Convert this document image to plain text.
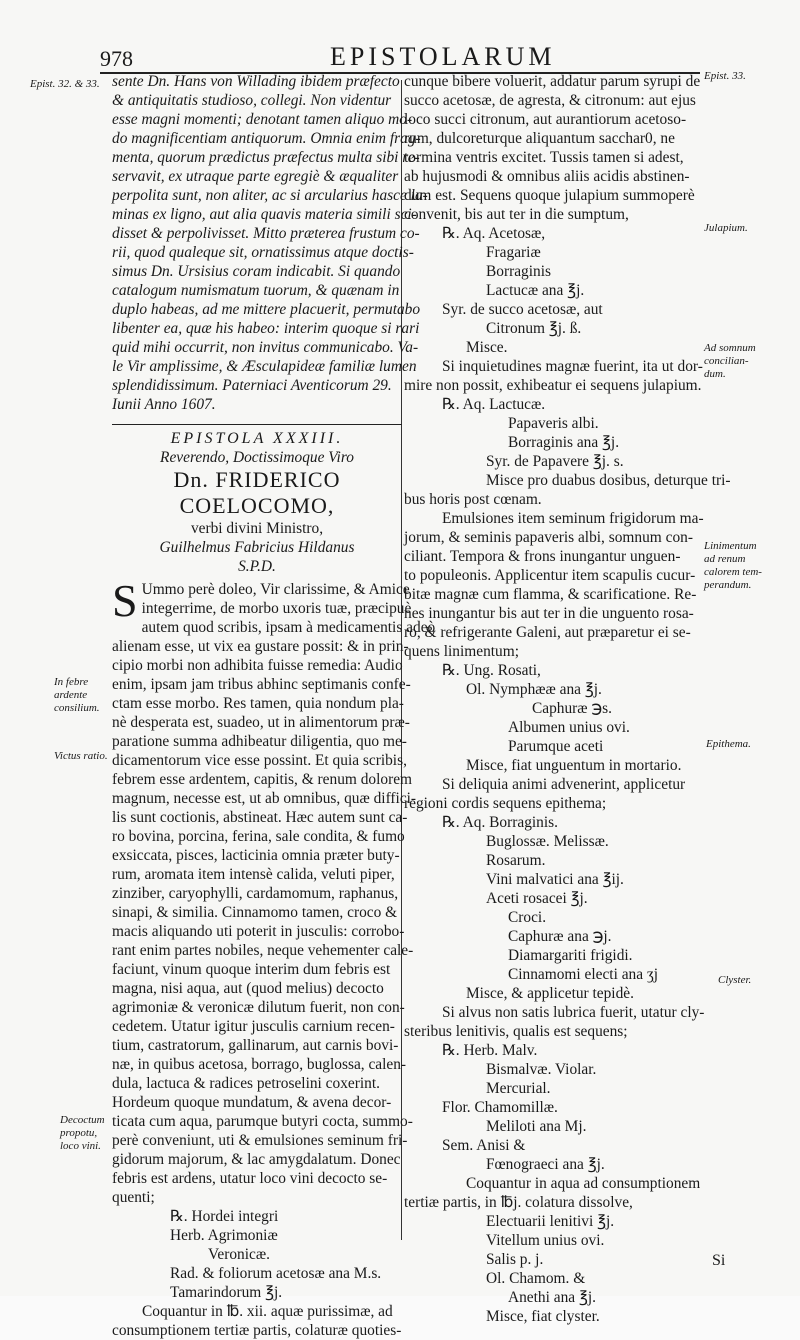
978	EPISTOLARUM
Epist. 32. & 33.
In febre ardente consilium.
Victus ratio.
Decoctum propotu, loco vini.
Epist. 33.
Julapium.
Ad somnum concilian-dum.
Linimentum ad renum calorem tem-perandum.
Epithema.
Clyster.
sente Dn. Hans von Willading ibidem præfecto
& antiquitatis studioso, collegi. Non videntur
esse magni momenti; denotant tamen aliquo mo-
do magnificentiam antiquorum. Omnia enim frag-
menta, quorum prædictus præfectus multa sibi re-
servavit, ex utraque parte egregiè & æqualiter
perpolita sunt, non aliter, ac si arcularius hasce la-
minas ex ligno, aut alia quavis materia simili sci-
disset & perpolivisset. Mitto præterea frustum co-
rii, quod qualeque sit, ornatissimus atque doctis-
simus Dn. Ursisius coram indicabit. Si quando
catalogum numismatum tuorum, & quænam in
duplo habeas, ad me mittere placuerit, permutabo
libenter ea, quæ his habeo: interim quoque si rari
quid mihi occurrit, non invitus communicabo. Va-
le Vir amplissime, & Æsculapideæ familiæ lumen
splendidissimum. Paterniaci Aventicorum 29.
Iunii Anno 1607.
EPISTOLA XXXIII.
Reverendo, Doctissimoque Viro
Dn. FRIDERICO COELOCOMO,
verbi divini Ministro,
Guilhelmus Fabricius Hildanus
S.P.D.
S Ummo perè doleo, Vir clarissime, & Amice
integerrime, de morbo uxoris tuæ, præcipuè
autem quod scribis, ipsam à medicamentis adeò
alienam esse, ut vix ea gustare possit: & in prin-
cipio morbi non adhibita fuisse remedia: Audio
enim, ipsam jam tribus abhinc septimanis confe-
ctam esse morbo. Res tamen, quia nondum pla-
nè desperata est, suadeo, ut in alimentorum præ-
paratione summa adhibeatur diligentia, quo me-
dicamentorum vice esse possint. Et quia scribis,
febrem esse ardentem, capitis, & renum dolorem
magnum, necesse est, ut ab omnibus, quæ diffici-
lis sunt coctionis, abstineat. Hæc autem sunt ca-
ro bovina, porcina, ferina, sale condita, & fumo
exsiccata, pisces, lacticinia omnia præter buty-
rum, aromata item intensè calida, veluti piper,
zinziber, caryophylli, cardamomum, raphanus,
sinapi, & similia. Cinnamomo tamen, croco &
macis aliquando uti poterit in jusculis: corrobo-
rant enim partes nobiles, neque vehementer cale-
faciunt, vinum quoque interim dum febris est
magna, nisi aqua, aut (quod melius) decocto
agrimoniæ & veronicæ dilutum fuerit, non con-
cedetem. Utatur igitur jusculis carnium recen-
tium, castratorum, gallinarum, aut carnis bovi-
næ, in quibus acetosa, borrago, buglossa, calen-
dula, lactuca & radices petroselini coxerint.
Hordeum quoque mundatum, & avena decor-
ticata cum aqua, parumque butyri cocta, summo-
perè conveniunt, uti & emulsiones seminum fri-
gidorum majorum, & lac amygdalatum. Donec
febris est ardens, utatur loco vini decocto se-
quenti;
℞. Hordei integri
Herb. Agrimoniæ
Veronicæ.
Rad. & foliorum acetosæ ana M.s.
Tamarindorum ℥j.
Coquantur in ℔. xii. aquæ purissimæ, ad
consumptionem tertiæ partis, colaturæ quoties-
cunque bibere voluerit, addatur parum syrupi de
succo acetosæ, de agresta, & citronum: aut ejus
loco succi citronum, aut aurantiorum acetoso-
rum, dulcoreturque aliquantum sacchar0, ne
tormina ventris excitet. Tussis tamen si adest,
ab hujusmodi & omnibus aliis acidis abstinen-
dum est. Sequens quoque julapium summoperè
convenit, bis aut ter in die sumptum,
℞. Aq. Acetosæ,
Fragariæ
Borraginis
Lactucæ ana ℥j.
Syr. de succo acetosæ, aut
Citronum ℥j. ß.
Misce.
Si inquietudines magnæ fuerint, ita ut dor-
mire non possit, exhibeatur ei sequens julapium.
℞. Aq. Lactucæ.
Papaveris albi.
Borraginis ana ℥j.
Syr. de Papavere ℥j. s.
Misce pro duabus dosibus, deturque tri-
bus horis post cœnam.
Emulsiones item seminum frigidorum ma-
jorum, & seminis papaveris albi, somnum con-
ciliant. Tempora & frons inungantur unguen-
to populeonis. Applicentur item scapulis cucur-
bitæ magnæ cum flamma, & scarificatione. Re-
nes inungantur bis aut ter in die unguento rosa-
ro, & refrigerante Galeni, aut præparetur ei se-
quens linimentum;
℞. Ung. Rosati,
Ol. Nymphææ ana ℥j.
Caphuræ ℈s.
Albumen unius ovi.
Parumque aceti
Misce, fiat unguentum in mortario.
Si deliquia animi advenerint, applicetur
regioni cordis sequens epithema;
℞. Aq. Borraginis.
Buglossæ. Melissæ.
Rosarum.
Vini malvatici ana ℥ij.
Aceti rosacei ℥j.
Croci.
Caphuræ ana ℈j.
Diamargariti frigidi.
Cinnamomi electi ana ʒj
Misce, & applicetur tepidè.
Si alvus non satis lubrica fuerit, utatur cly-
steribus lenitivis, qualis est sequens;
℞. Herb. Malv.
Bismalvæ. Violar.
Mercurial.
Flor. Chamomillæ.
Meliloti ana Mj.
Sem. Anisi &
Fœnograeci ana ℥j.
Coquantur in aqua ad consumptionem
tertiæ partis, in ℔j. colatura dissolve,
Electuarii lenitivi ℥j.
Vitellum unius ovi.
Salis p. j.
Ol. Chamom. &
Anethi ana ℥j.
Misce, fiat clyster.
Si
